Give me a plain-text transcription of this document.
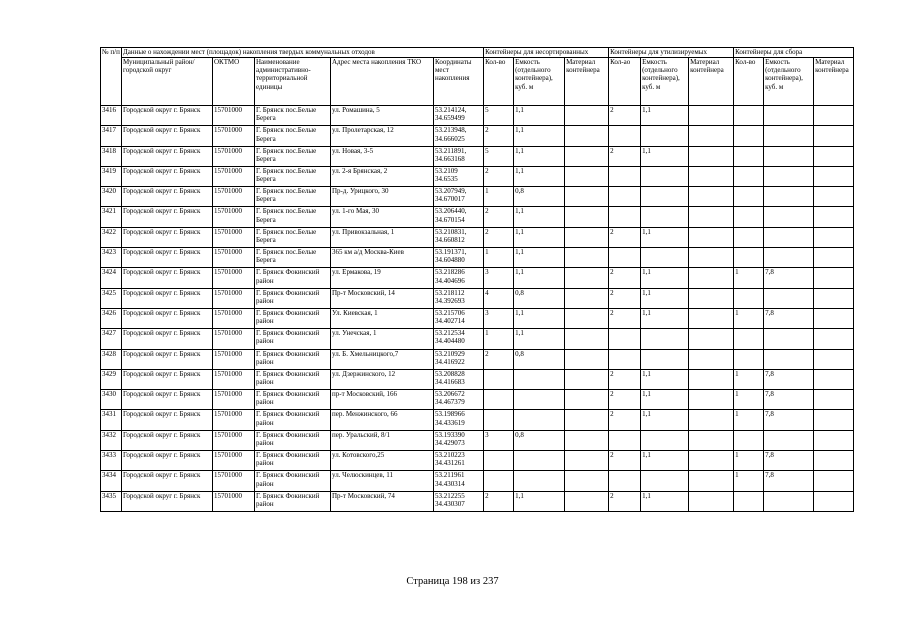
№ п/п	Данные о нахождении мест (площадок) накопления твердых коммунальных отходов					Контейнеры для несортированных			Контейнеры для утилизируемых			Контейнеры для сбора		
	Муниципальный район/городской округ	ОКТМО	Наименование административно-территориальной единицы	Адрес места накопления ТКО	Координаты мест накопления	Кол-во	Емкость (отдельного контейнера), куб. м	Материал контейнера	Кол-ао	Емкость (отдельного контейнера), куб. м	Материал контейнера	Кол-во	Емкость (отдельного контейнера), куб. м	Материал контейнера
3416	Городской округ г. Брянск	15701000	Г. Брянск пос.Белые Берега	ул. Ромашина, 5	53.214124, 34.659499	5	1,1		2	1,1				
3417	Городской округ г. Брянск	15701000	Г. Брянск пос.Белые Берега	ул. Пролетарская, 12	53.213948, 34.666025	2	1,1							
3418	Городской округ г. Брянск	15701000	Г. Брянск пос.Белые Берега	ул. Новая, 3-5	53.211891, 34.663168	5	1,1		2	1,1				
3419	Городской округ г. Брянск	15701000	Г. Брянск пос.Белые Берега	ул. 2-я Брянская, 2	53.2109 34.6535	2	1,1							
3420	Городской округ г. Брянск	15701000	Г. Брянск пос.Белые Берега	Пр-д. Урицкого, 30	53.207949, 34.670017	1	0,8							
3421	Городской округ г. Брянск	15701000	Г. Брянск пос.Белые Берега	ул. 1-го Мая, 30	53.206440, 34.670154	2	1,1							
3422	Городской округ г. Брянск	15701000	Г. Брянск пос.Белые Берега	ул. Привокзальная, 1	53.210831, 34.660812	2	1,1		2	1,1				
3423	Городской округ г. Брянск	15701000	Г. Брянск пос.Белые Берега	365 км а/д Москва-Киев	53.191371, 34.604880	1	1,1							
3424	Городской округ г. Брянск	15701000	Г. Брянск Фокинский район	ул. Ермакова, 19	53.218286 34.404696	3	1,1		2	1,1		1	7,8	
3425	Городской округ г. Брянск	15701000	Г. Брянск Фокинский район	Пр-т Московский, 14	53.218112 34.392693	4	0,8		2	1,1				
3426	Городской округ г. Брянск	15701000	Г. Брянск Фокинский район	Ул. Киевская, 1	53.215706 34.402714	3	1,1		2	1,1		1	7,8	
3427	Городской округ г. Брянск	15701000	Г. Брянск Фокинский район	ул. Унечская, 1	53.212534 34.404480	1	1,1							
3428	Городской округ г. Брянск	15701000	Г. Брянск Фокинский район	ул. Б. Хмельницкого,7	53.210929 34.416922	2	0,8							
3429	Городской округ г. Брянск	15701000	Г. Брянск Фокинский район	ул. Дзержинского, 12	53.208828 34.416683				2	1,1		1	7,8	
3430	Городской округ г. Брянск	15701000	Г. Брянск Фокинский район	пр-т Московский, 166	53.206672 34.467379				2	1,1		1	7,8	
3431	Городской округ г. Брянск	15701000	Г. Брянск Фокинский район	пер. Менжинского, 66	53.198966 34.433619				2	1,1		1	7,8	
3432	Городской округ г. Брянск	15701000	Г. Брянск Фокинский район	пер. Уральский, 8/1	53.193390 34.429073	3	0,8							
3433	Городской округ г. Брянск	15701000	Г. Брянск Фокинский район	ул. Котовского,25	53.210223 34.431261				2	1,1		1	7,8	
3434	Городской округ г. Брянск	15701000	Г. Брянск Фокинский район	ул. Челюскинцев, 11	53.211961 34.430314							1	7,8	
3435	Городской округ г. Брянск	15701000	Г. Брянск Фокинский район	Пр-т Московский, 74	53.212255 34.430307	2	1,1		2	1,1				
Страница 198 из 237
